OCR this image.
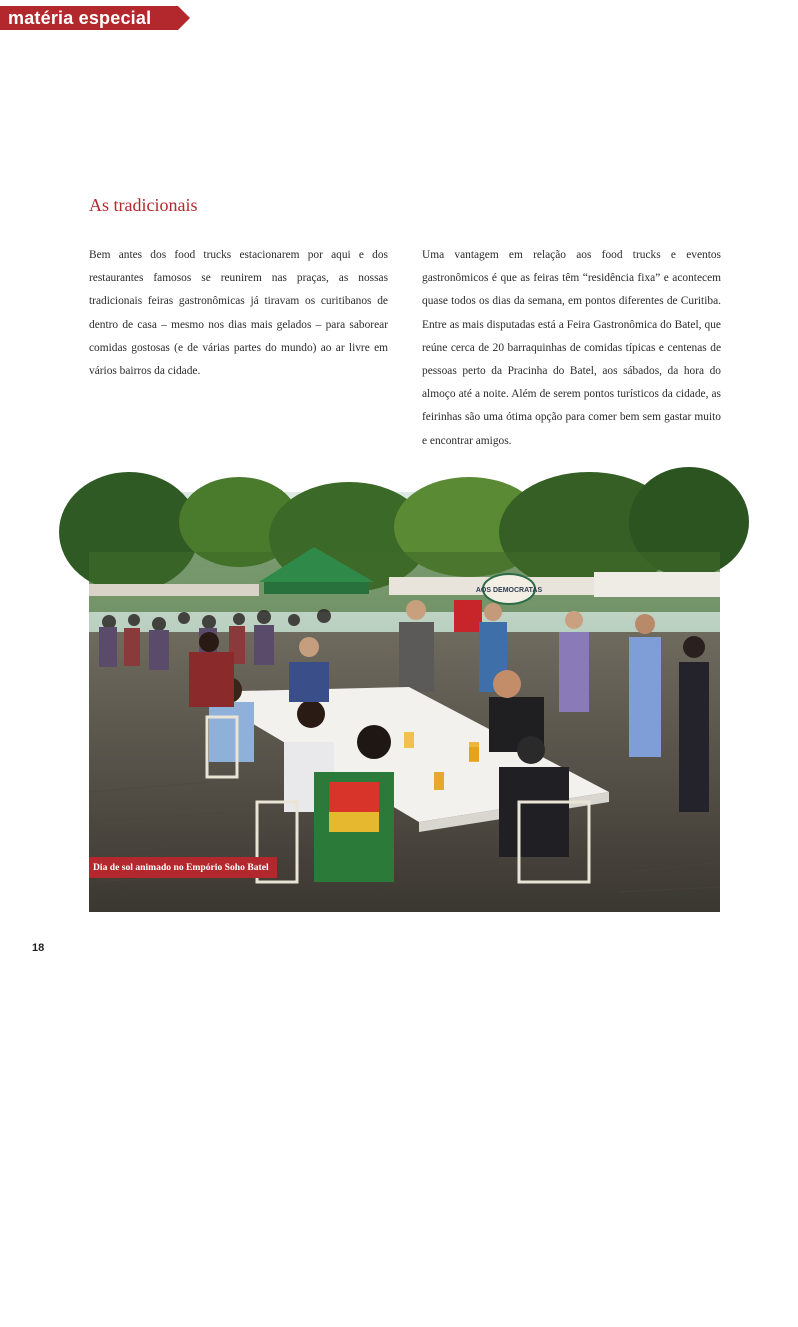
matéria especial
As tradicionais

Bem antes dos food trucks estacionarem por aqui e dos restaurantes famosos se reunirem nas praças, as nossas tradicionais feiras gastronômicas já tiravam os curitibanos de dentro de casa – mesmo nos dias mais gelados – para saborear comidas gostosas (e de várias partes do mundo) ao ar livre em vários bairros da cidade.

Uma vantagem em relação aos food trucks e eventos gastronômicos é que as feiras têm “residência fixa” e acontecem quase todos os dias da semana, em pontos diferentes de Curitiba. Entre as mais disputadas está a Feira Gastronômica do Batel, que reúne cerca de 20 barraquinhas de comidas típicas e centenas de pessoas perto da Pracinha do Batel, aos sábados, da hora do almoço até a noite. Além de serem pontos turísticos da cidade, as feirinhas são uma ótima opção para comer bem sem gastar muito e encontrar amigos.

AOS DEMOCRATAS
Foto: Divulgação / Juarez Junior
Dia de sol animado no Empório Soho Batel
18
